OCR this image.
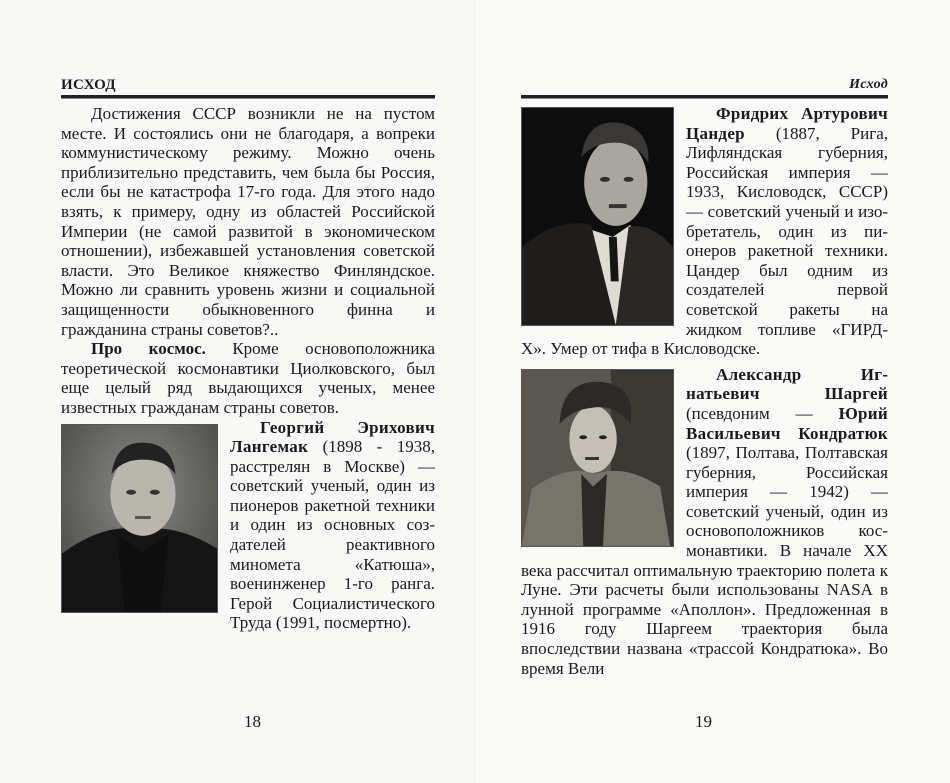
ИСХОД

Достижения СССР возникли не на пустом месте. И состоялись они не благодаря, а вопреки коммунистическому режиму. Можно очень приблизительно представить, чем была бы Россия, если бы не катастрофа 17-го года. Для этого надо взять, к примеру, одну из областей Российской Империи (не самой развитой в экономическом отношении), избежавшей установления советской власти. Это Великое княжество Финляндское. Можно ли сравнить уровень жизни и социальной защищенности обыкновенного финна и гражданина страны советов?..

Про космос. Кроме основоположника теоретической космонавтики Циолковского, был еще целый ряд выдающихся ученых, менее известных гражданам страны советов.

Георгий Эрихович Лангемак (1898 - 1938, расстрелян в Москве) — советский ученый, один из пионеров ракетной техники и один из основных создателей реактивного миномета «Катюша», военинженер 1-го ранга. Герой Социалистического Труда (1991, посмертно).

18
Исход

Фридрих Артурович Цандер (1887, Рига, Лифляндская губерния, Российская империя — 1933, Кисловодск, СССР) — советский ученый и изобретатель, один из пионеров ракетной техники. Цандер был одним из создателей первой советской ракеты на жидком топливе «ГИРД-Х». Умер от тифа в Кисловодске.

Александр Игнатьевич Шаргей (псевдоним — Юрий Васильевич Кондратюк (1897, Полтава, Полтавская губерния, Российская империя — 1942) — советский ученый, один из основоположников космонавтики. В начале XX века рассчитал оптимальную траекторию полета к Луне. Эти расчеты были использованы NASA в лунной программе «Аполлон». Предложенная в 1916 году Шаргеем траектория была впоследствии названа «трассой Кондратюка». Во время Вели

19
